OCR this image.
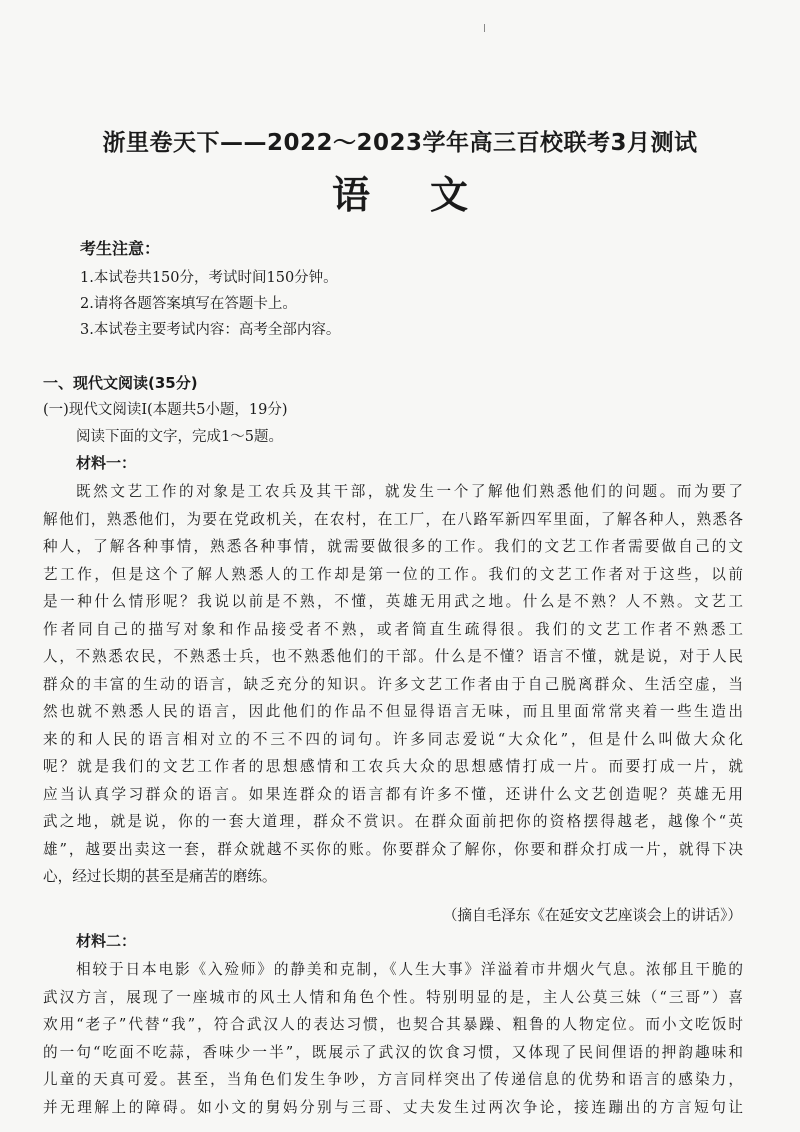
浙里卷天下——2022～2023学年高三百校联考3月测试
语文
考生注意：
1.本试卷共150分，考试时间150分钟。
2.请将各题答案填写在答题卡上。
3.本试卷主要考试内容：高考全部内容。
一、现代文阅读(35分)
(一)现代文阅读Ⅰ(本题共5小题，19分)
阅读下面的文字，完成1～5题。
材料一：
既然文艺工作的对象是工农兵及其干部，就发生一个了解他们熟悉他们的问题。而为要了
解他们，熟悉他们，为要在党政机关，在农村，在工厂，在八路军新四军里面，了解各种人，熟悉各
种人，了解各种事情，熟悉各种事情，就需要做很多的工作。我们的文艺工作者需要做自己的文
艺工作，但是这个了解人熟悉人的工作却是第一位的工作。我们的文艺工作者对于这些，以前
是一种什么情形呢？我说以前是不熟，不懂，英雄无用武之地。什么是不熟？人不熟。文艺工
作者同自己的描写对象和作品接受者不熟，或者简直生疏得很。我们的文艺工作者不熟悉工
人，不熟悉农民，不熟悉士兵，也不熟悉他们的干部。什么是不懂？语言不懂，就是说，对于人民
群众的丰富的生动的语言，缺乏充分的知识。许多文艺工作者由于自己脱离群众、生活空虚，当
然也就不熟悉人民的语言，因此他们的作品不但显得语言无味，而且里面常常夹着一些生造出
来的和人民的语言相对立的不三不四的词句。许多同志爱说“大众化”，但是什么叫做大众化
呢？就是我们的文艺工作者的思想感情和工农兵大众的思想感情打成一片。而要打成一片，就
应当认真学习群众的语言。如果连群众的语言都有许多不懂，还讲什么文艺创造呢？英雄无用
武之地，就是说，你的一套大道理，群众不赏识。在群众面前把你的资格摆得越老，越像个“英
雄”，越要出卖这一套，群众就越不买你的账。你要群众了解你，你要和群众打成一片，就得下决
心，经过长期的甚至是痛苦的磨练。
（摘自毛泽东《在延安文艺座谈会上的讲话》）
材料二：
相较于日本电影《入殓师》的静美和克制，《人生大事》洋溢着市井烟火气息。浓郁且干脆的
武汉方言，展现了一座城市的风土人情和角色个性。特别明显的是，主人公莫三妹（“三哥”）喜
欢用“老子”代替“我”，符合武汉人的表达习惯，也契合其暴躁、粗鲁的人物定位。而小文吃饭时
的一句“吃面不吃蒜，香味少一半”，既展示了武汉的饮食习惯，又体现了民间俚语的押韵趣味和
儿童的天真可爱。甚至，当角色们发生争吵，方言同样突出了传递信息的优势和语言的感染力，
并无理解上的障碍。如小文的舅妈分别与三哥、丈夫发生过两次争论，接连蹦出的方言短句让
